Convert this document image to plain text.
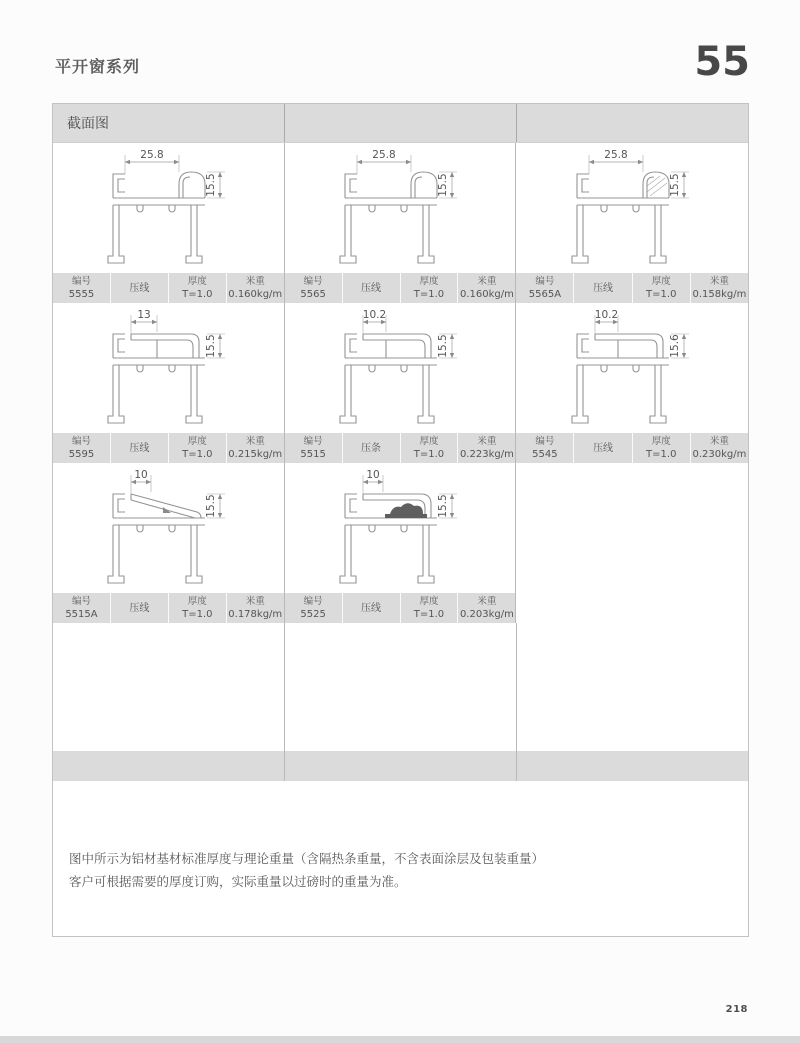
平开窗系列	55
截面图
25.8
15.5
编号
5555
压线
厚度
T=1.0
米重
0.160kg/m
25.8
15.5
编号
5565
压线
厚度
T=1.0
米重
0.160kg/m
25.8
15.5
编号
5565A
压线
厚度
T=1.0
米重
0.158kg/m
13
15.5
编号
5595
压线
厚度
T=1.0
米重
0.215kg/m
10.2
15.5
编号
5515
压条
厚度
T=1.0
米重
0.223kg/m
10.2
15.6
编号
5545
压线
厚度
T=1.0
米重
0.230kg/m
10
15.5
编号
5515A
压线
厚度
T=1.0
米重
0.178kg/m
10
15.5
编号
5525
压线
厚度
T=1.0
米重
0.203kg/m

图中所示为铝材基材标准厚度与理论重量（含隔热条重量，不含表面涂层及包装重量）

客户可根据需要的厚度订购，实际重量以过磅时的重量为准。

218
